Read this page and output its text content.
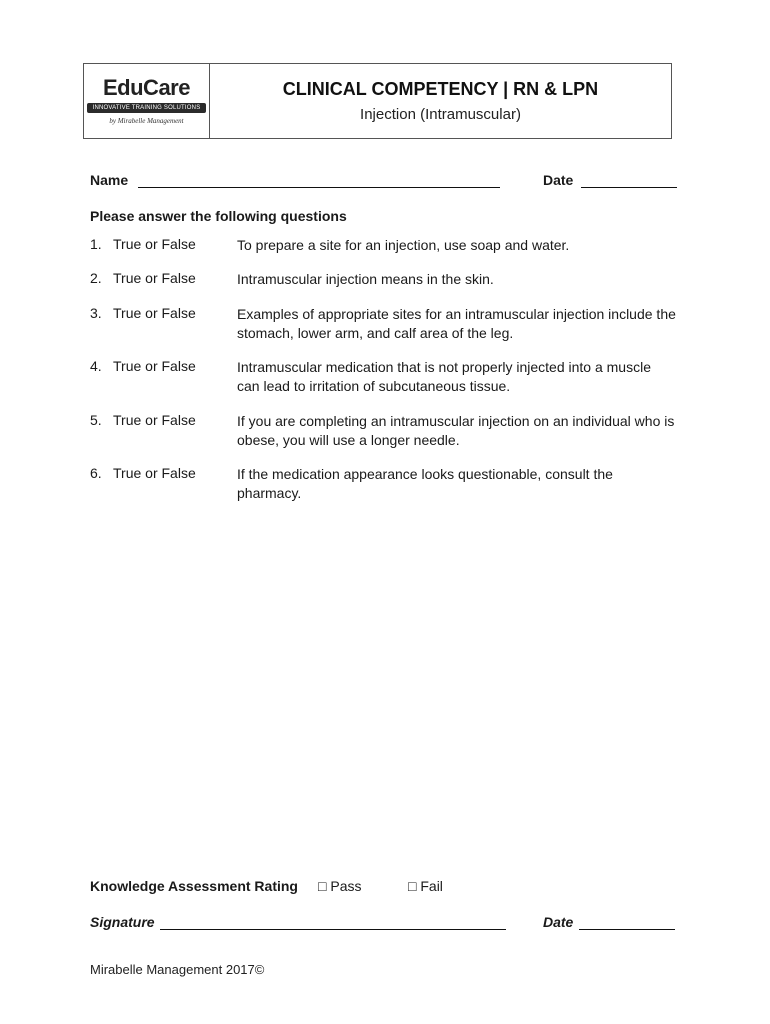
EduCare
INNOVATIVE TRAINING SOLUTIONS
by Mirabelle Management
CLINICAL COMPETENCY | RN & LPN
Injection (Intramuscular)
Name	Date
Please answer the following questions
1. True or False	To prepare a site for an injection, use soap and water.
2. True or False	Intramuscular injection means in the skin.
3. True or False	Examples of appropriate sites for an intramuscular injection include the stomach, lower arm, and calf area of the leg.
4. True or False	Intramuscular medication that is not properly injected into a muscle can lead to irritation of subcutaneous tissue.
5. True or False	If you are completing an intramuscular injection on an individual who is obese, you will use a longer needle.
6. True or False	If the medication appearance looks questionable, consult the pharmacy.
Knowledge Assessment Rating □ Pass	□ Fail
Signature	Date
Mirabelle Management 2017©
